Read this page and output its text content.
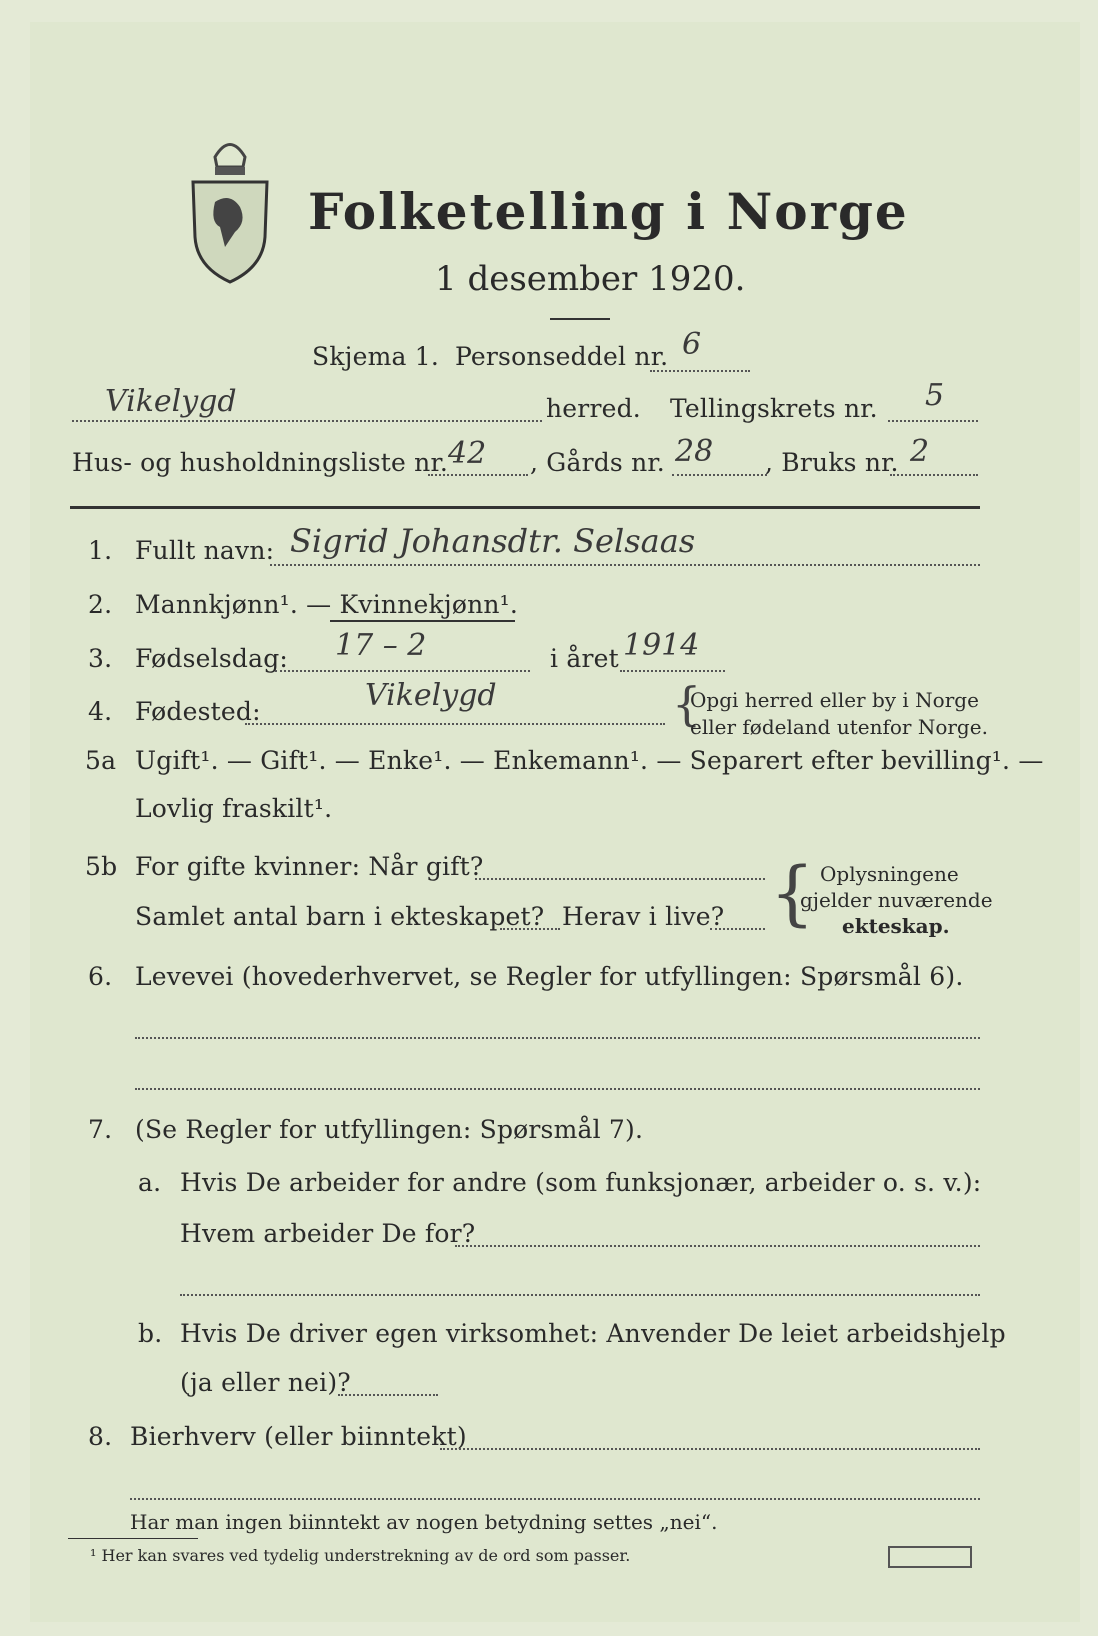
Folketelling i Norge
1 desember 1920.
Skjema 1. Personseddel nr. 6
Vikelygd	herred. Tellingskrets nr. 5
Hus- og husholdningsliste nr. 42 , Gårds nr. 28 , Bruks nr. 2
1. Fullt navn: Sigrid Johansdtr. Selsaas
2. Mannkjønn¹. — Kvinnekjønn¹.
3. Fødselsdag: 17 – 2	i året 1914
4. Fødested:	Vikelygd	{
Opgi herred eller by i Norge
eller fødeland utenfor Norge.
5a Ugift¹. — Gift¹. — Enke¹. — Enkemann¹. — Separert efter bevilling¹. —
Lovlig fraskilt¹.
5b For gifte kvinner: Når gift?
Samlet antal barn i ekteskapet? Herav i live? { Oplysningene
gjelder nuværende
ekteskap.
6. Levevei (hovederhvervet, se Regler for utfyllingen: Spørsmål 6).
7. (Se Regler for utfyllingen: Spørsmål 7).
a. Hvis De arbeider for andre (som funksjonær, arbeider o. s. v.):
Hvem arbeider De for?
b. Hvis De driver egen virksomhet: Anvender De leiet arbeidshjelp
(ja eller nei)?
8. Bierhverv (eller biinntekt)
Har man ingen biinntekt av nogen betydning settes „nei“.
¹ Her kan svares ved tydelig understrekning av de ord som passer.
